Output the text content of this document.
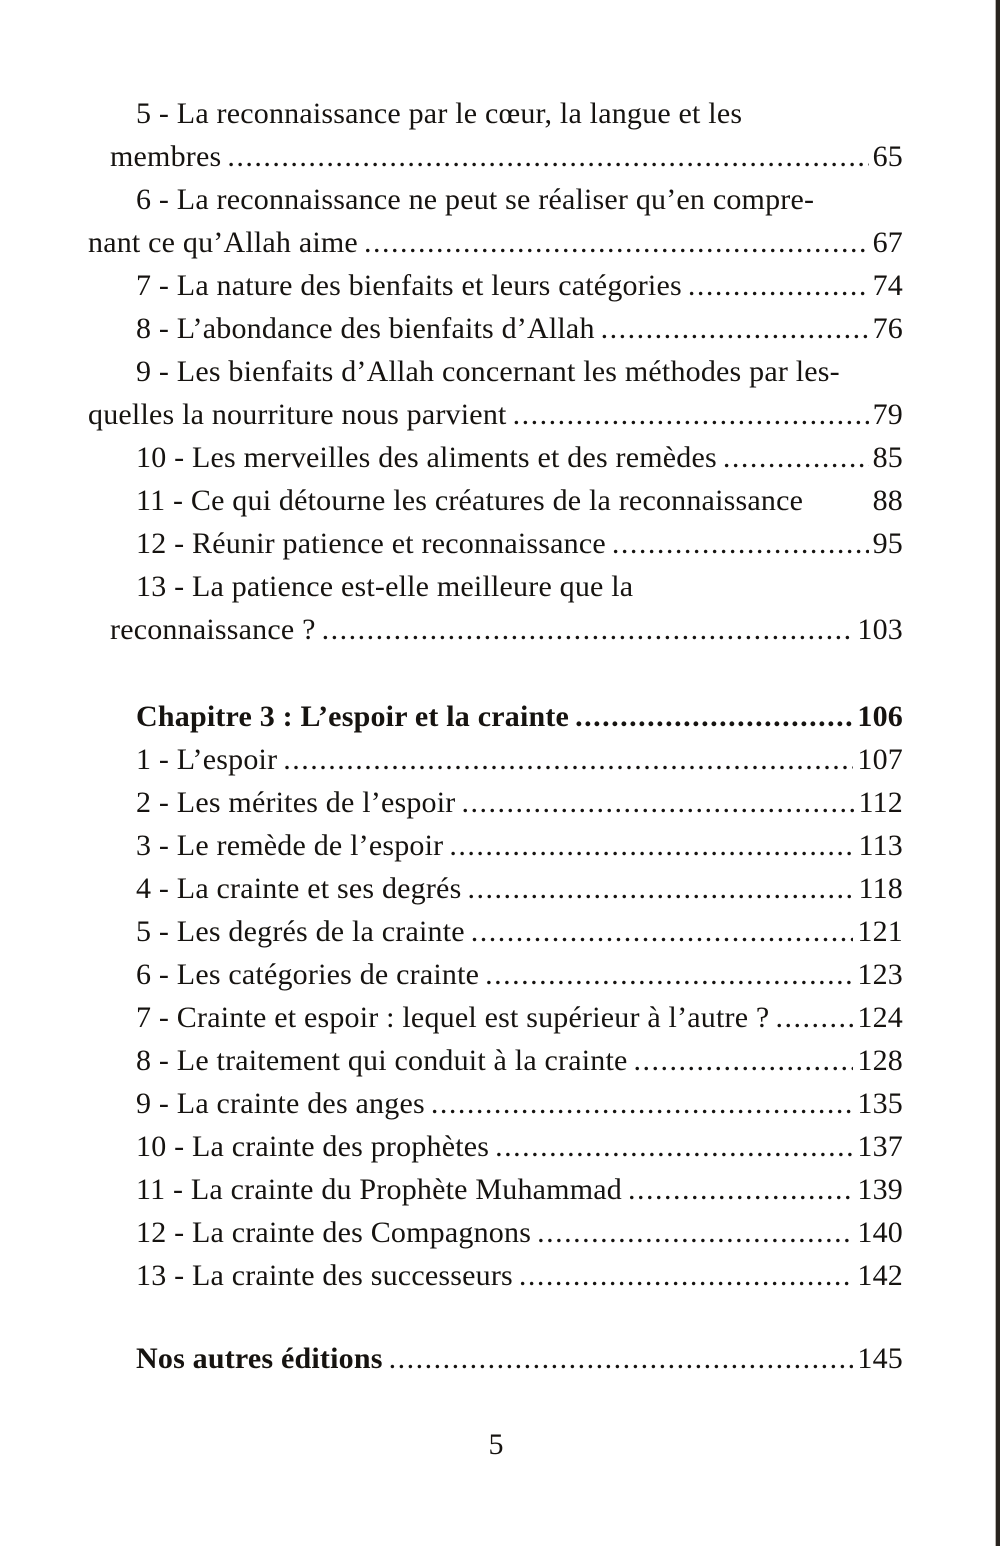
5 - La reconnaissance par le cœur, la langue et les
membres .....	65
6 - La reconnaissance ne peut se réaliser qu’en compre-
nant ce qu’Allah aime .....	67
7 - La nature des bienfaits et leurs catégories .....	74
8 - L’abondance des bienfaits d’Allah .....	76
9 - Les bienfaits d’Allah concernant les méthodes par les-
quelles la nourriture nous parvient .....	79
10 - Les merveilles des aliments et des remèdes .....	85
11 - Ce qui détourne les créatures de la reconnaissance 88
12 - Réunir patience et reconnaissance .....	95
13 - La patience est-elle meilleure que la
reconnaissance ? .....	103
Chapitre 3 : L’espoir et la crainte .....	106
1 - L’espoir .....	107
2 - Les mérites de l’espoir .....	112
3 - Le remède de l’espoir .....	113
4 - La crainte et ses degrés .....	118
5 - Les degrés de la crainte .....	121
6 - Les catégories de crainte .....	123
7 - Crainte et espoir : lequel est supérieur à l’autre ? .....	124
8 - Le traitement qui conduit à la crainte .....	128
9 - La crainte des anges .....	135
10 - La crainte des prophètes .....	137
11 - La crainte du Prophète Muhammad .....	139
12 - La crainte des Compagnons .....	140
13 - La crainte des successeurs .....	142
Nos autres éditions .....	145
5
